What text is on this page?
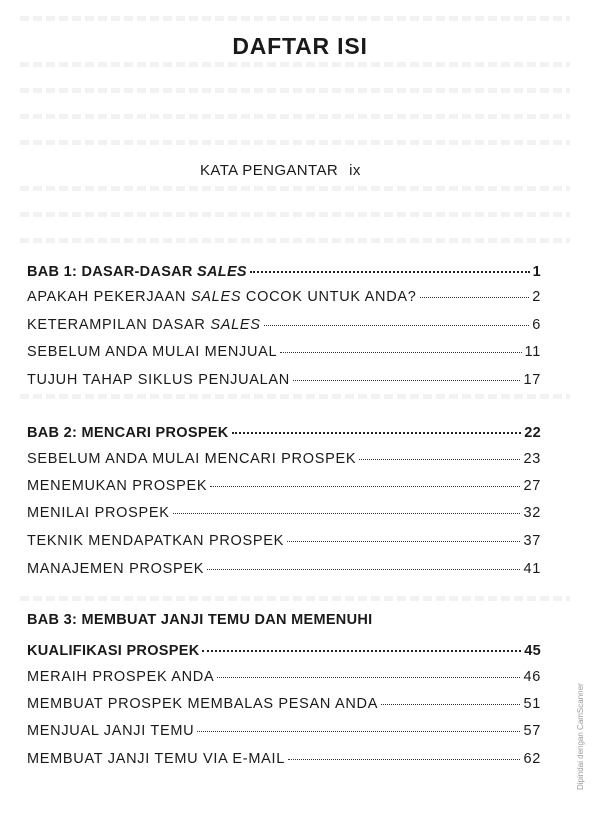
DAFTAR ISI
KATA PENGANTAR ix
BAB 1: DASAR-DASAR SALES	1
APAKAH PEKERJAAN SALES COCOK UNTUK ANDA?	2
KETERAMPILAN DASAR SALES	6
SEBELUM ANDA MULAI MENJUAL	11
TUJUH TAHAP SIKLUS PENJUALAN	17
BAB 2: MENCARI PROSPEK	22
SEBELUM ANDA MULAI MENCARI PROSPEK	23
MENEMUKAN PROSPEK	27
MENILAI PROSPEK	32
TEKNIK MENDAPATKAN PROSPEK	37
MANAJEMEN PROSPEK	41
BAB 3: MEMBUAT JANJI TEMU DAN MEMENUHI
KUALIFIKASI PROSPEK	45
MERAIH PROSPEK ANDA	46
MEMBUAT PROSPEK MEMBALAS PESAN ANDA	51
MENJUAL JANJI TEMU	57
MEMBUAT JANJI TEMU VIA E-MAIL	62	Dipindai dengan CamScanner
